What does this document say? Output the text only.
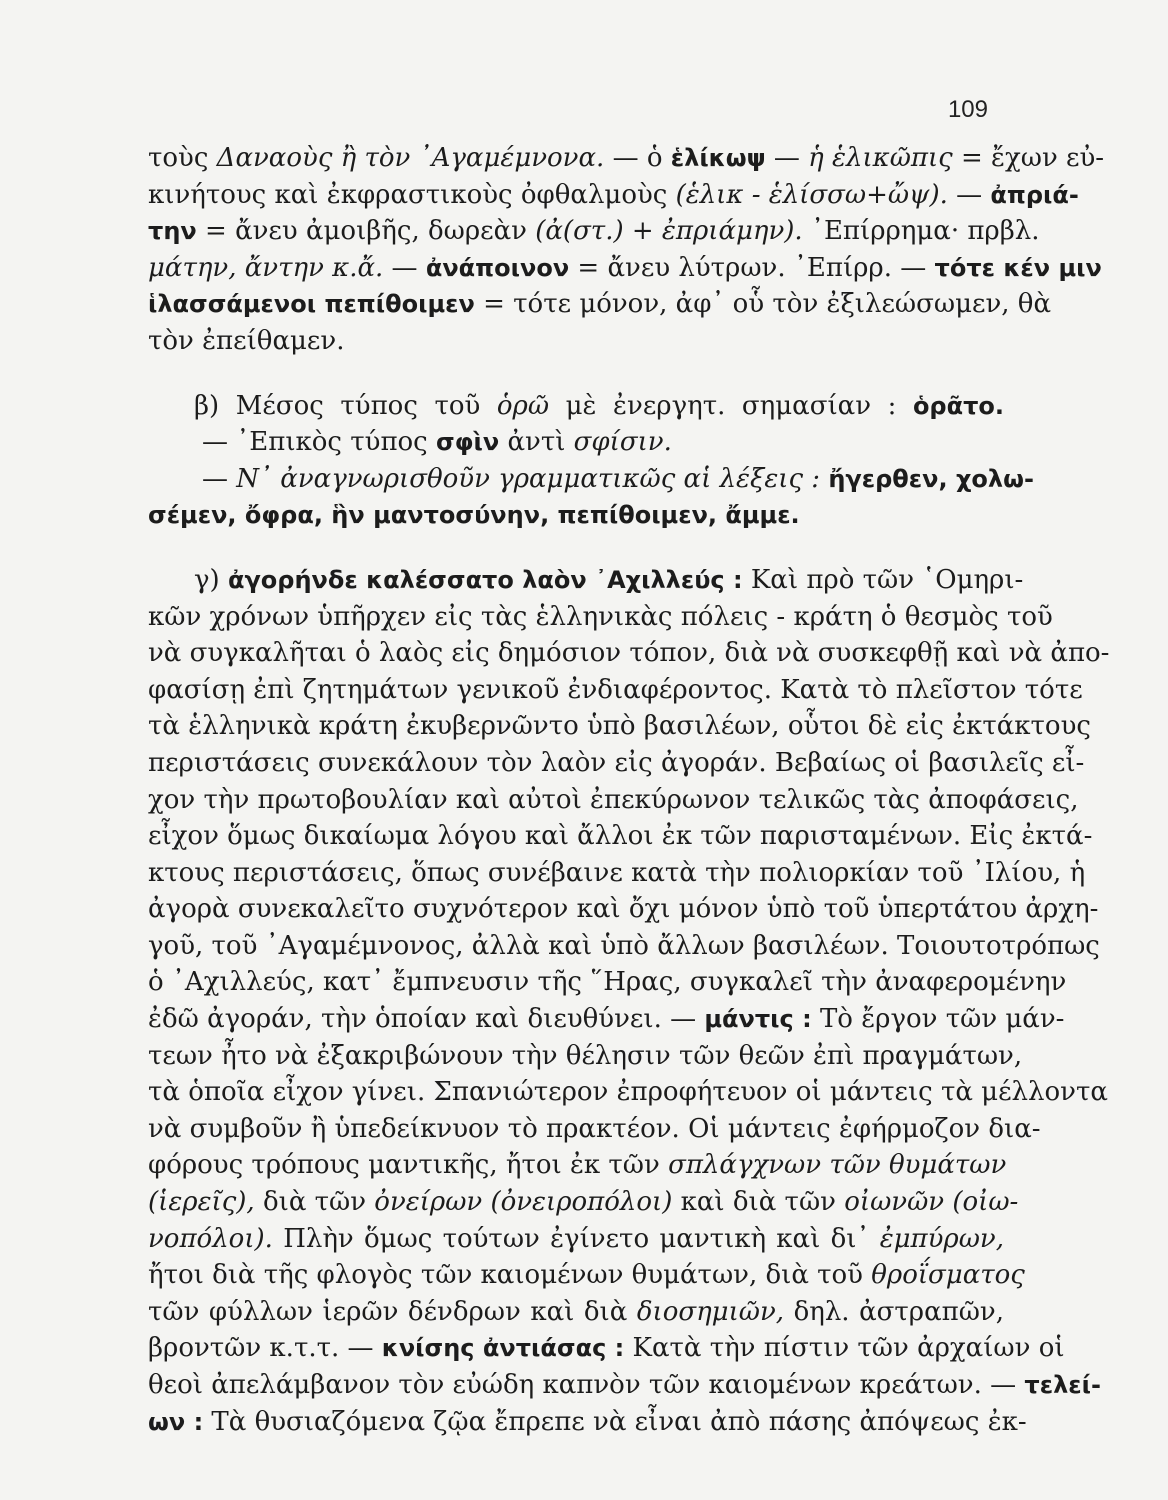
109
τοὺς Δαναοὺς ἢ τὸν ᾿Αγαμέμνονα. — ὁ ἑλίκωψ — ἡ ἑλικῶπις = ἔχων εὐ-
κινήτους καὶ ἐκφραστικοὺς ὀφθαλμοὺς (ἑλικ - ἑλίσσω+ὤψ). — ἀπριά-
την = ἄνευ ἀμοιβῆς, δωρεὰν (ἀ(στ.) + ἐπριάμην). ᾿Επίρρημα· πρβλ.
μάτην, ἄντην κ.ἄ. — ἀνάποινον = ἄνευ λύτρων. ᾿Επίρρ. — τότε κέν μιν
ἱλασσάμενοι πεπίθοιμεν = τότε μόνον, ἀφ᾿ οὗ τὸν ἐξιλεώσωμεν, θὰ
τὸν ἐπείθαμεν.
β) Μέσος τύπος τοῦ ὁρῶ μὲ ἐνεργητ. σημασίαν : ὁρᾶτο.
— ᾿Επικὸς τύπος σφὶν ἀντὶ σφίσιν.
— Ν᾿ ἀναγνωρισθοῦν γραμματικῶς αἱ λέξεις : ἤγερθεν, χολω-
σέμεν, ὄφρα, ἣν μαντοσύνην, πεπίθοιμεν, ἄμμε.
γ) ἀγορήνδε καλέσσατο λαὸν ᾿Αχιλλεύς : Καὶ πρὸ τῶν ῾Ομηρι-
κῶν χρόνων ὑπῆρχεν εἰς τὰς ἑλληνικὰς πόλεις - κράτη ὁ θεσμὸς τοῦ
νὰ συγκαλῆται ὁ λαὸς εἰς δημόσιον τόπον, διὰ νὰ συσκεφθῇ καὶ νὰ ἀπο-
φασίσῃ ἐπὶ ζητημάτων γενικοῦ ἐνδιαφέροντος. Κατὰ τὸ πλεῖστον τότε
τὰ ἑλληνικὰ κράτη ἐκυβερνῶντο ὑπὸ βασιλέων, οὗτοι δὲ εἰς ἐκτάκτους
περιστάσεις συνεκάλουν τὸν λαὸν εἰς ἀγοράν. Βεβαίως οἱ βασιλεῖς εἶ-
χον τὴν πρωτοβουλίαν καὶ αὐτοὶ ἐπεκύρωνον τελικῶς τὰς ἀποφάσεις,
εἶχον ὅμως δικαίωμα λόγου καὶ ἄλλοι ἐκ τῶν παρισταμένων. Εἰς ἐκτά-
κτους περιστάσεις, ὅπως συνέβαινε κατὰ τὴν πολιορκίαν τοῦ ᾿Ιλίου, ἡ
ἀγορὰ συνεκαλεῖτο συχνότερον καὶ ὄχι μόνον ὑπὸ τοῦ ὑπερτάτου ἀρχη-
γοῦ, τοῦ ᾿Αγαμέμνονος, ἀλλὰ καὶ ὑπὸ ἄλλων βασιλέων. Τοιουτοτρόπως
ὁ ᾿Αχιλλεύς, κατ᾿ ἔμπνευσιν τῆς ῞Ηρας, συγκαλεῖ τὴν ἀναφερομένην
ἐδῶ ἀγοράν, τὴν ὁποίαν καὶ διευθύνει. — μάντις : Τὸ ἔργον τῶν μάν-
τεων ἦτο νὰ ἐξακριβώνουν τὴν θέλησιν τῶν θεῶν ἐπὶ πραγμάτων,
τὰ ὁποῖα εἶχον γίνει. Σπανιώτερον ἐπροφήτευον οἱ μάντεις τὰ μέλλοντα
νὰ συμβοῦν ἢ ὑπεδείκνυον τὸ πρακτέον. Οἱ μάντεις ἐφήρμοζον δια-
φόρους τρόπους μαντικῆς, ἤτοι ἐκ τῶν σπλάγχνων τῶν θυμάτων
(ἱερεῖς), διὰ τῶν ὀνείρων (ὀνειροπόλοι) καὶ διὰ τῶν οἰωνῶν (οἰω-
νοπόλοι). Πλὴν ὅμως τούτων ἐγίνετο μαντικὴ καὶ δι᾿ ἐμπύρων,
ἤτοι διὰ τῆς φλογὸς τῶν καιομένων θυμάτων, διὰ τοῦ θροΐσματος
τῶν φύλλων ἱερῶν δένδρων καὶ διὰ διοσημιῶν, δηλ. ἀστραπῶν,
βροντῶν κ.τ.τ. — κνίσης ἀντιάσας : Κατὰ τὴν πίστιν τῶν ἀρχαίων οἱ
θεοὶ ἀπελάμβανον τὸν εὐώδη καπνὸν τῶν καιομένων κρεάτων. — τελεί-
ων : Τὰ θυσιαζόμενα ζῷα ἔπρεπε νὰ εἶναι ἀπὸ πάσης ἀπόψεως ἐκ-
